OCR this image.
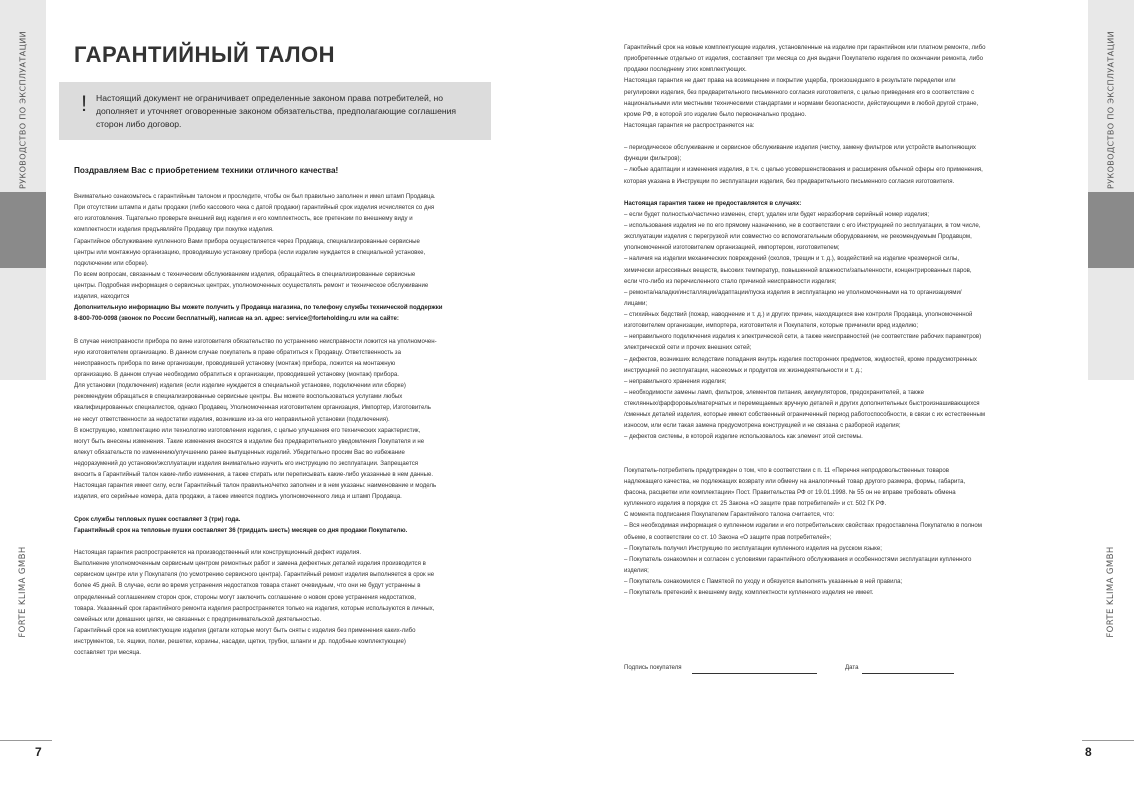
РУКОВОДСТВО ПО ЭКСПЛУАТАЦИИ
oasis
FORTE KLIMA GMBH
РУКОВОДСТВО ПО ЭКСПЛУАТАЦИИ
oasis
FORTE KLIMA GMBH
ГАРАНТИЙНЫЙ ТАЛОН
! Настоящий документ не ограничивает определенные законом права потребителей, но дополняет и уточняет оговоренные законом обязательства, предполагающие соглашения сторон либо договор.

Поздравляем Вас с приобретением техники отличного качества!

Внимательно ознакомьтесь с гарантийным талоном и проследите, чтобы он был правильно заполнен и имел штамп Продавца.
При отсутствии штампа и даты продажи (либо кассового чека с датой продажи) гарантийный срок изделия исчисляется со дня
его изготовления. Тщательно проверьте внешний вид изделия и его комплектность, все претензии по внешнему виду и
комплектности изделия предъявляйте Продавцу при покупке изделия.
Гарантийное обслуживание купленного Вами прибора осуществляется через Продавца, специализированные сервисные
центры или монтажную организацию, проводившую установку прибора (если изделие нуждается в специальной установке,
подключении или сборке).
По всем вопросам, связанным с техническим обслуживанием изделия, обращайтесь в специализированные сервисные
центры. Подробная информация о сервисных центрах, уполномоченных осуществлять ремонт и техническое обслуживание
изделия, находится
Дополнительную информацию Вы можете получить у Продавца магазина, по телефону службы технической поддержки
8-800-700-0098 (звонок по России бесплатный), написав на эл. адрес: service@forteholding.ru или на сайте:
В случае неисправности прибора по вине изготовителя обязательство по устранению неисправности ложится на уполномочен-
ную изготовителем организацию. В данном случае покупатель в праве обратиться к Продавцу. Ответственность за
неисправность прибора по вине организации, проводившей установку (монтаж) прибора, ложится на монтажную
организацию. В данном случае необходимо обратиться к организации, проводившей установку (монтаж) прибора.
Для установки (подключения) изделия (если изделие нуждается в специальной установке, подключении или сборке)
рекомендуем обращаться в специализированные сервисные центры. Вы можете воспользоваться услугами любых
квалифицированных специалистов, однако Продавец, Уполномоченная изготовителем организация, Импортер, Изготовитель
не несут ответственности за недостатки изделия, возникшие из-за его неправильной установки (подключения).
В конструкцию, комплектацию или технологию изготовления изделия, с целью улучшения его технических характеристик,
могут быть внесены изменения. Такие изменения вносятся в изделие без предварительного уведомления Покупателя и не
влекут обязательств по изменению/улучшению ранее выпущенных изделий. Убедительно просим Вас во избежание
недоразумений до установки/эксплуатации изделия внимательно изучить его инструкцию по эксплуатации. Запрещается
вносить в Гарантийный талон какие-либо изменения, а также стирать или переписывать какие-либо указанные в нем данные.
Настоящая гарантия имеет силу, если Гарантийный талон правильно/четко заполнен и в нем указаны: наименование и модель
изделия, его серийные номера, дата продажи, а также имеется подпись уполномоченного лица и штамп Продавца.
Срок службы тепловых пушек составляет 3 (три) года.
Гарантийный срок на тепловые пушки составляет 36 (тридцать шесть) месяцев со дня продажи Покупателю.
Настоящая гарантия распространяется на производственный или конструкционный дефект изделия.
Выполнение уполномоченным сервисным центром ремонтных работ и замена дефектных деталей изделия производится в
сервисном центре или у Покупателя (по усмотрению сервисного центра). Гарантийный ремонт изделия выполняется в срок не
более 45 дней. В случае, если во время устранения недостатков товара станет очевидным, что они не будут устранены в
определенный соглашением сторон срок, стороны могут заключить соглашение о новом сроке устранения недостатков,
товара. Указанный срок гарантийного ремонта изделия распространяется только на изделия, которые используются в личных,
семейных или домашних целях, не связанных с предпринимательской деятельностью.
Гарантийный срок на комплектующие изделия (детали которые могут быть сняты с изделия без применения каких-либо
инструментов, т.е. ящики, полки, решетки, корзины, насадки, щетки, трубки, шланги и др. подобные комплектующие)
составляет три месяца.
7
Гарантийный срок на новые комплектующие изделия, установленные на изделие при гарантийном или платном ремонте, либо
приобретенные отдельно от изделия, составляет три месяца со дня выдачи Покупателю изделия по окончании ремонта, либо
продажи последнему этих комплектующих.
Настоящая гарантия не дает права на возмещение и покрытие ущерба, произошедшего в результате переделки или
регулировки изделия, без предварительного письменного согласия изготовителя, с целью приведения его в соответствие с
национальными или местными техническими стандартами и нормами безопасности, действующими в любой другой стране,
кроме РФ, в которой это изделие было первоначально продано.
Настоящая гарантия не распространяется на:
– периодическое обслуживание и сервисное обслуживание изделия (чистку, замену фильтров или устройств выполняющих
функции фильтров);
– любые адаптации и изменения изделия, в т.ч. с целью усовершенствования и расширения обычной сферы его применения,
которая указана в Инструкции по эксплуатации изделия, без предварительного письменного согласия изготовителя.
Настоящая гарантия также не предоставляется в случаях:
– если будет полностью/частично изменен, стерт, удален или будет неразборчив серийный номер изделия;
– использования изделия не по его прямому назначению, не в соответствии с его Инструкцией по эксплуатации, в том числе,
эксплуатации изделия с перегрузкой или совместно со вспомогательным оборудованием, не рекомендуемым Продавцом,
уполномоченной изготовителем организацией, импортером, изготовителем;
– наличия на изделии механических повреждений (сколов, трещин и т. д.), воздействий на изделие чрезмерной силы,
химически агрессивных веществ, высоких температур, повышенной влажности/запыленности, концентрированных паров,
если что-либо из перечисленного стало причиной неисправности изделия;
– ремонта/наладки/инсталляции/адаптации/пуска изделия в эксплуатацию не уполномоченными на то организациями/
лицами;
– стихийных бедствий (пожар, наводнение и т. д.) и других причин, находящихся вне контроля Продавца, уполномоченной
изготовителем организации, импортера, изготовителя и Покупателя, которые причинили вред изделию;
– неправильного подключения изделия к электрической сети, а также неисправностей (не соответствие рабочих параметров)
электрической сети и прочих внешних сетей;
– дефектов, возникших вследствие попадания внутрь изделия посторонних предметов, жидкостей, кроме предусмотренных
инструкцией по эксплуатации, насекомых и продуктов их жизнедеятельности и т. д.;
– неправильного хранения изделия;
– необходимости замены ламп, фильтров, элементов питания, аккумуляторов, предохранителей, а также
стеклянных/фарфоровых/матерчатых и перемещаемых вручную деталей и других дополнительных быстроизнашивающихся
/сменных деталей изделия, которые имеют собственный ограниченный период работоспособности, в связи с их естественным
износом, или если такая замена предусмотрена конструкцией и не связана с разборкой изделия;
– дефектов системы, в которой изделие использовалось как элемент этой системы.
Покупатель-потребитель предупрежден о том, что в соответствии с п. 11 «Перечня непродовольственных товаров
надлежащего качества, не подлежащих возврату или обмену на аналогичный товар другого размера, формы, габарита,
фасона, расцветки или комплектации» Пост. Правительства РФ от 19.01.1998. № 55 он не вправе требовать обмена
купленного изделия в порядке ст. 25 Закона «О защите прав потребителей» и ст. 502 ГК РФ.
С момента подписания Покупателем Гарантийного талона считается, что:
– Вся необходимая информация о купленном изделии и его потребительских свойствах предоставлена Покупателю в полном
объеме, в соответствии со ст. 10 Закона «О защите прав потребителей»;
– Покупатель получил Инструкцию по эксплуатации купленного изделия на русском языке;
– Покупатель ознакомлен и согласен с условиями гарантийного обслуживания и особенностями эксплуатации купленного
изделия;
– Покупатель ознакомился с Памяткой по уходу и обязуется выполнять указанные в ней правила;
– Покупатель претензий к внешнему виду, комплектности купленного изделия не имеет.
Подпись покупателя	Дата
8
